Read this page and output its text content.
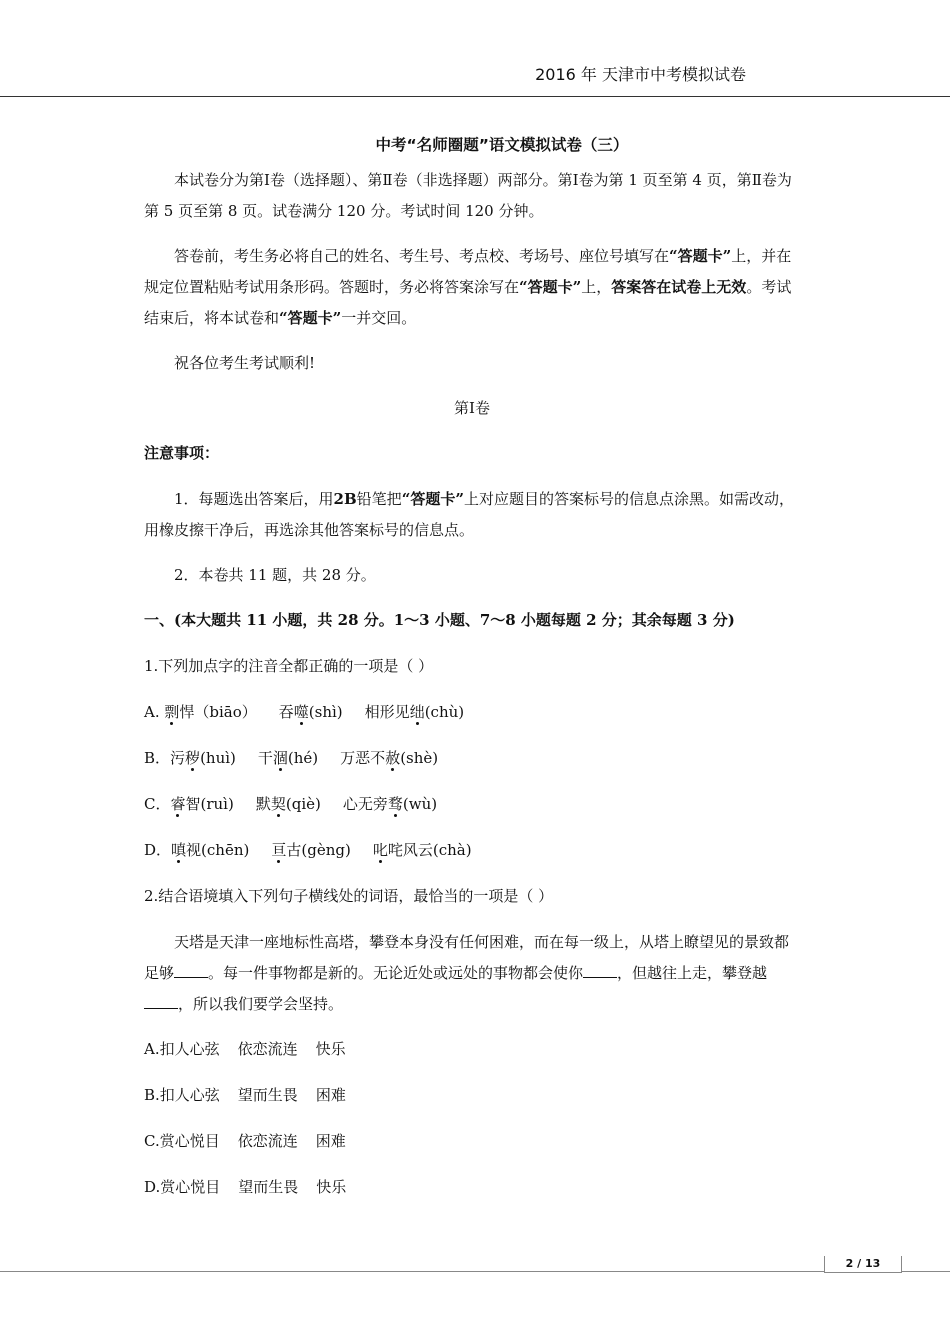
2016 年 天津市中考模拟试卷
中考“名师圈题”语文模拟试卷（三）

本试卷分为第Ⅰ卷（选择题）、第Ⅱ卷（非选择题）两部分。第Ⅰ卷为第 1 页至第 4 页，第Ⅱ卷为第 5 页至第 8 页。试卷满分 120 分。考试时间 120 分钟。

答卷前，考生务必将自己的姓名、考生号、考点校、考场号、座位号填写在“答题卡”上，并在规定位置粘贴考试用条形码。答题时，务必将答案涂写在“答题卡”上，答案答在试卷上无效。考试结束后，将本试卷和“答题卡”一并交回。

祝各位考生考试顺利!

第Ⅰ卷

注意事项：

1．每题选出答案后，用2B铅笔把“答题卡”上对应题目的答案标号的信息点涂黑。如需改动，用橡皮擦干净后，再选涂其他答案标号的信息点。

2．本卷共 11 题，共 28 分。

一、(本大题共 11 小题，共 28 分。1～3 小题、7～8 小题每题 2 分；其余每题 3 分)

1.下列加点字的注音全都正确的一项是（ ）

A. 剽悍（biāo） 吞噬(shì) 相形见绌(chù)

B．污秽(huì) 干涸(hé) 万恶不赦(shè)

C．睿智(ruì) 默契(qiè) 心无旁骛(wù)

D．嗔视(chēn) 亘古(gèng) 叱咤风云(chà)

2.结合语境填入下列句子横线处的词语，最恰当的一项是（ ）

天塔是天津一座地标性高塔，攀登本身没有任何困难，而在每一级上，从塔上瞭望见的景致都足够 。每一件事物都是新的。无论近处或远处的事物都会使你 ，但越往上走，攀登越，所以我们要学会坚持。

A.扣人心弦 依恋流连 快乐

B.扣人心弦 望而生畏 困难

C.赏心悦目 依恋流连 困难

D.赏心悦目 望而生畏 快乐

2 / 13
